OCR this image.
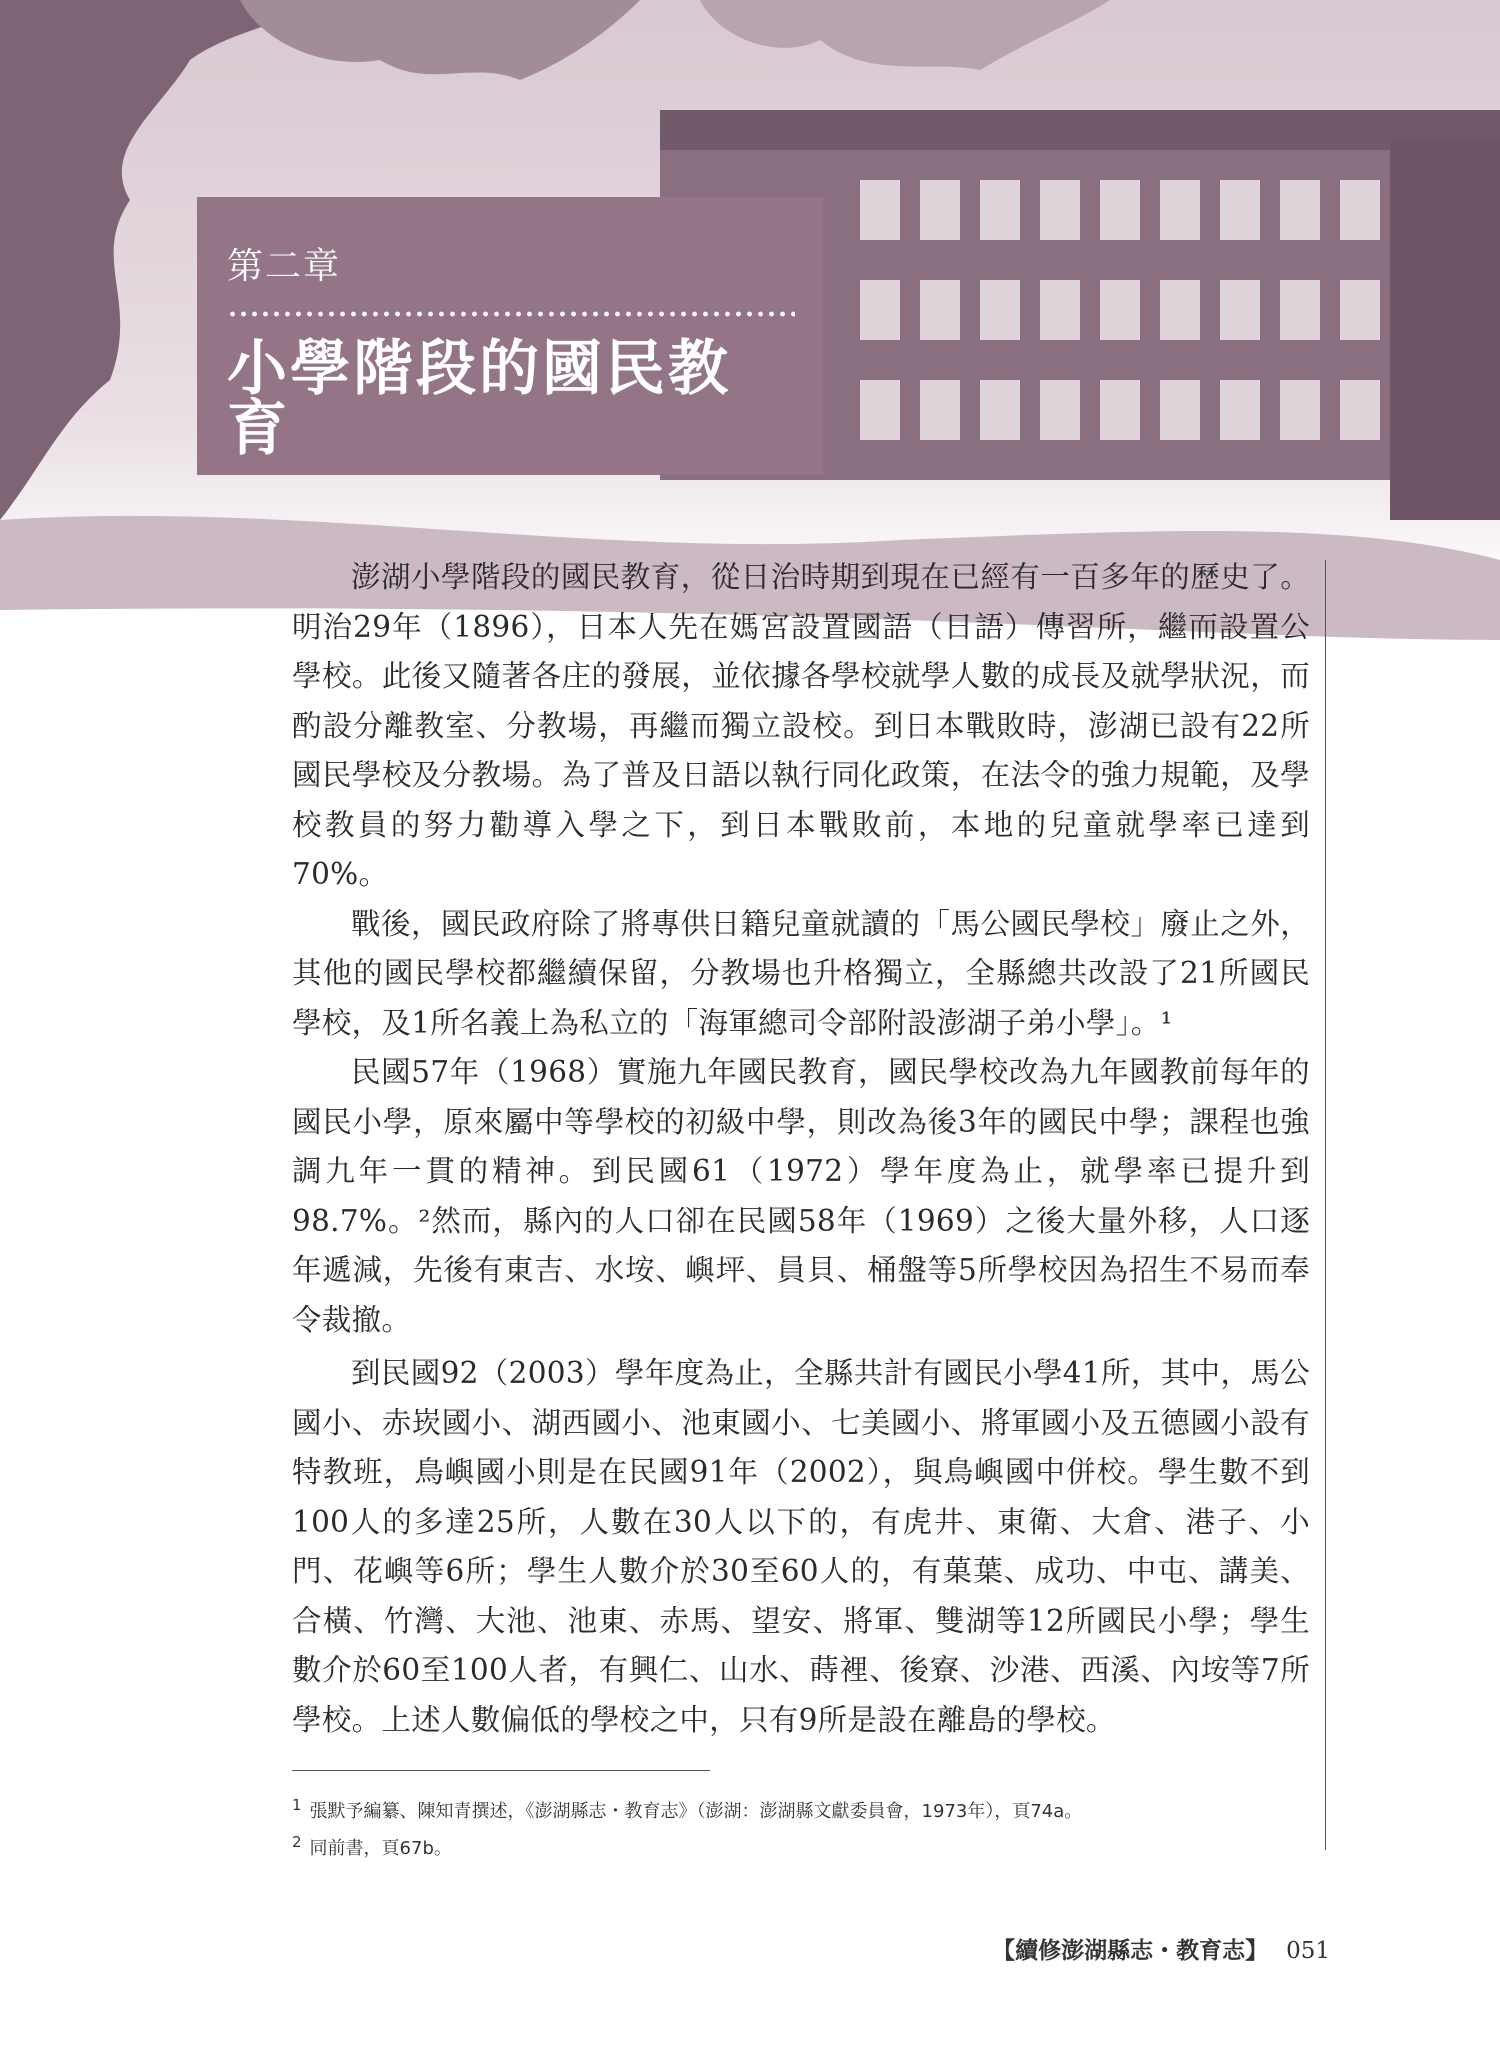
第二章
小學階段的國民教育

澎湖小學階段的國民教育，從日治時期到現在已經有一百多年的歷史了。明治29年（1896），日本人先在媽宮設置國語（日語）傳習所，繼而設置公學校。此後又隨著各庄的發展，並依據各學校就學人數的成長及就學狀況，而酌設分離教室、分教場，再繼而獨立設校。到日本戰敗時，澎湖已設有22所國民學校及分教場。為了普及日語以執行同化政策，在法令的強力規範，及學校教員的努力勸導入學之下，到日本戰敗前，本地的兒童就學率已達到70%。

戰後，國民政府除了將專供日籍兒童就讀的「馬公國民學校」廢止之外，其他的國民學校都繼續保留，分教場也升格獨立，全縣總共改設了21所國民學校，及1所名義上為私立的「海軍總司令部附設澎湖子弟小學」。¹

民國57年（1968）實施九年國民教育，國民學校改為九年國教前每年的國民小學，原來屬中等學校的初級中學，則改為後3年的國民中學；課程也強調九年一貫的精神。到民國61（1972）學年度為止，就學率已提升到98.7%。²然而，縣內的人口卻在民國58年（1969）之後大量外移，人口逐年遞減，先後有東吉、水垵、嶼坪、員貝、桶盤等5所學校因為招生不易而奉令裁撤。

到民國92（2003）學年度為止，全縣共計有國民小學41所，其中，馬公國小、赤崁國小、湖西國小、池東國小、七美國小、將軍國小及五德國小設有特教班，鳥嶼國小則是在民國91年（2002），與鳥嶼國中併校。學生數不到100人的多達25所，人數在30人以下的，有虎井、東衛、大倉、港子、小門、花嶼等6所；學生人數介於30至60人的，有菓葉、成功、中屯、講美、合橫、竹灣、大池、池東、赤馬、望安、將軍、雙湖等12所國民小學；學生數介於60至100人者，有興仁、山水、蒔裡、後寮、沙港、西溪、內垵等7所學校。上述人數偏低的學校之中，只有9所是設在離島的學校。

$^1$ 張默予編纂、陳知青撰述，《澎湖縣志・教育志》（澎湖：澎湖縣文獻委員會，1973年），頁74a。

$^2$ 同前書，頁67b。

【續修澎湖縣志・教育志】 051
